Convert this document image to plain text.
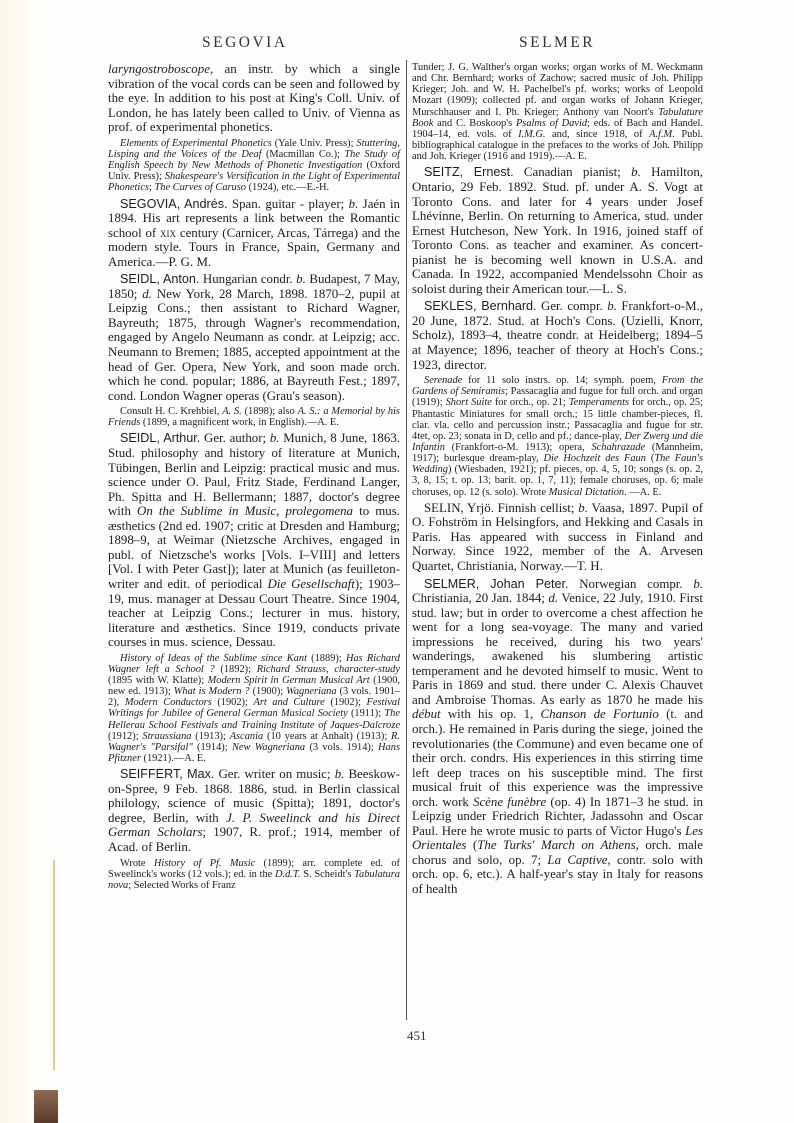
SEGOVIA	SELMER

laryngostroboscope, an instr. by which a single vibration of the vocal cords can be seen and followed by the eye. In addition to his post at King's Coll. Univ. of London, he has lately been called to Univ. of Vienna as prof. of experimental phonetics.

Elements of Experimental Phonetics (Yale Univ. Press); Stuttering, Lisping and the Voices of the Deaf (Macmillan Co.); The Study of English Speech by New Methods of Phonetic Investigation (Oxford Univ. Press); Shakespeare's Versification in the Light of Experimental Phonetics; The Curves of Caruso (1924), etc.—E.-H.

SEGOVIA, Andrés. Span. guitar - player; b. Jaén in 1894. His art represents a link between the Romantic school of xix century (Carnicer, Arcas, Tárrega) and the modern style. Tours in France, Spain, Germany and America.—P. G. M.

SEIDL, Anton. Hungarian condr. b. Budapest, 7 May, 1850; d. New York, 28 March, 1898. 1870–2, pupil at Leipzig Cons.; then assistant to Richard Wagner, Bayreuth; 1875, through Wagner's recommendation, engaged by Angelo Neumann as condr. at Leipzig; acc. Neumann to Bremen; 1885, accepted appointment at the head of Ger. Opera, New York, and soon made orch. which he cond. popular; 1886, at Bayreuth Fest.; 1897, cond. London Wagner operas (Grau's season).

Consult H. C. Krehbiel, A. S. (1898); also A. S.: a Memorial by his Friends (1899, a magnificent work, in English).—A. E.

SEIDL, Arthur. Ger. author; b. Munich, 8 June, 1863. Stud. philosophy and history of literature at Munich, Tübingen, Berlin and Leipzig: practical music and mus. science under O. Paul, Fritz Stade, Ferdinand Langer, Ph. Spitta and H. Bellermann; 1887, doctor's degree with On the Sublime in Music, prolegomena to mus. æsthetics (2nd ed. 1907; critic at Dresden and Hamburg; 1898–9, at Weimar (Nietzsche Archives, engaged in publ. of Nietzsche's works [Vols. I–VIII] and letters [Vol. I with Peter Gast]); later at Munich (as feuilleton-writer and edit. of periodical Die Gesellschaft); 1903–19, mus. manager at Dessau Court Theatre. Since 1904, teacher at Leipzig Cons.; lecturer in mus. history, literature and æsthetics. Since 1919, conducts private courses in mus. science, Dessau.

History of Ideas of the Sublime since Kant (1889); Has Richard Wagner left a School ? (1892); Richard Strauss, character-study (1895 with W. Klatte); Modern Spirit in German Musical Art (1900, new ed. 1913); What is Modern ? (1900); Wagneriana (3 vols. 1901–2), Modern Conductors (1902); Art and Culture (1902); Festival Writings for Jubilee of General German Musical Society (1911); The Hellerau School Festivals and Training Institute of Jaques-Dalcroze (1912); Straussiana (1913); Ascania (10 years at Anhalt) (1913); R. Wagner's "Parsifal" (1914); New Wagneriana (3 vols. 1914); Hans Pfitzner (1921).—A. E.

SEIFFERT, Max. Ger. writer on music; b. Beeskow-on-Spree, 9 Feb. 1868. 1886, stud. in Berlin classical philology, science of music (Spitta); 1891, doctor's degree, Berlin, with J. P. Sweelinck and his Direct German Scholars; 1907, R. prof.; 1914, member of Acad. of Berlin.

Wrote History of Pf. Music (1899); arr. complete ed. of Sweelinck's works (12 vols.); ed. in the D.d.T. S. Scheidt's Tabulatura nova; Selected Works of Franz

Tunder; J. G. Walther's organ works; organ works of M. Weckmann and Chr. Bernhard; works of Zachow; sacred music of Joh. Philipp Krieger; Joh. and W. H. Pachelbel's pf. works; works of Leopold Mozart (1909); collected pf. and organ works of Johann Krieger, Murschhauser and I. Ph. Krieger; Anthony van Noort's Tabulature Book and C. Boskoop's Psalms of David; eds. of Bach and Handel. 1904–14, ed. vols. of I.M.G. and, since 1918, of A.f.M. Publ. bibliographical catalogue in the prefaces to the works of Joh. Philipp and Joh. Krieger (1916 and 1919).—A. E.

SEITZ, Ernest. Canadian pianist; b. Hamilton, Ontario, 29 Feb. 1892. Stud. pf. under A. S. Vogt at Toronto Cons. and later for 4 years under Josef Lhévinne, Berlin. On returning to America, stud. under Ernest Hutcheson, New York. In 1916, joined staff of Toronto Cons. as teacher and examiner. As concert-pianist he is becoming well known in U.S.A. and Canada. In 1922, accompanied Mendelssohn Choir as soloist during their American tour.—L. S.

SEKLES, Bernhard. Ger. compr. b. Frankfort-o-M., 20 June, 1872. Stud. at Hoch's Cons. (Uzielli, Knorr, Scholz), 1893–4, theatre condr. at Heidelberg; 1894–5 at Mayence; 1896, teacher of theory at Hoch's Cons.; 1923, director.

Serenade for 11 solo instrs. op. 14; symph. poem, From the Gardens of Semiramis; Passacaglia and fugue for full orch. and organ (1919); Short Suite for orch., op. 21; Temperaments for orch., op. 25; Phantastic Miniatures for small orch.; 15 little chamber-pieces, fl. clar. vla. cello and percussion instr.; Passacaglia and fugue for str. 4tet, op. 23; sonata in D, cello and pf.; dance-play, Der Zwerg und die Infantin (Frankfort-o-M. 1913); opera, Schahrazade (Mannheim, 1917); burlesque dream-play, Die Hochzeit des Faun (The Faun's Wedding) (Wiesbaden, 1921); pf. pieces, op. 4, 5, 10; songs (s. op. 2, 3, 8, 15; t. op. 13; barit. op. 1, 7, 11); female choruses, op. 6; male choruses, op. 12 (s. solo). Wrote Musical Dictation. —A. E.

SELIN, Yrjö. Finnish cellist; b. Vaasa, 1897. Pupil of O. Fohström in Helsingfors, and Hekking and Casals in Paris. Has appeared with success in Finland and Norway. Since 1922, member of the A. Arvesen Quartet, Christiania, Norway.—T. H.

SELMER, Johan Peter. Norwegian compr. b. Christiania, 20 Jan. 1844; d. Venice, 22 July, 1910. First stud. law; but in order to overcome a chest affection he went for a long sea-voyage. The many and varied impressions he received, during his two years' wanderings, awakened his slumbering artistic temperament and he devoted himself to music. Went to Paris in 1869 and stud. there under C. Alexis Chauvet and Ambroise Thomas. As early as 1870 he made his début with his op. 1, Chanson de Fortunio (t. and orch.). He remained in Paris during the siege, joined the revolutionaries (the Commune) and even became one of their orch. condrs. His experiences in this stirring time left deep traces on his susceptible mind. The first musical fruit of this experience was the impressive orch. work Scène funèbre (op. 4) In 1871–3 he stud. in Leipzig under Friedrich Richter, Jadassohn and Oscar Paul. Here he wrote music to parts of Victor Hugo's Les Orientales (The Turks' March on Athens, orch. male chorus and solo, op. 7; La Captive, contr. solo with orch. op. 6, etc.). A half-year's stay in Italy for reasons of health

451
